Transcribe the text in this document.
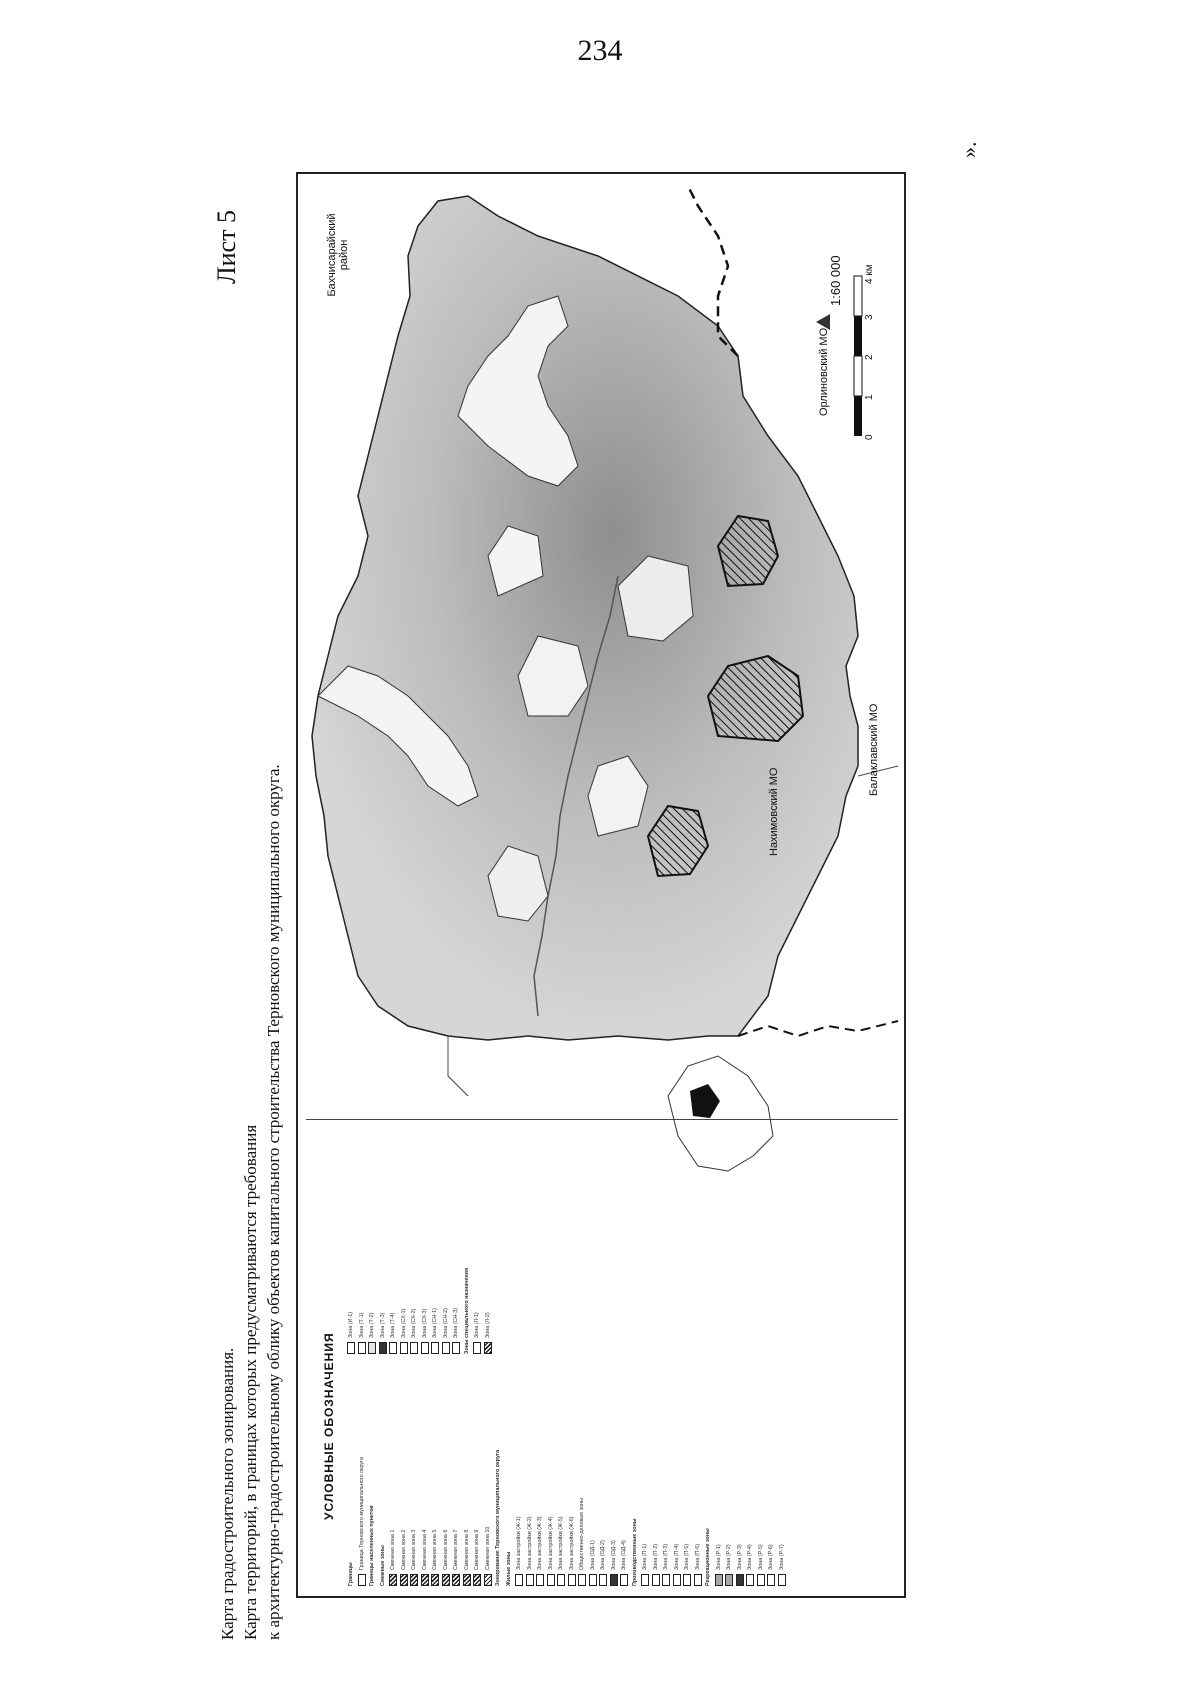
234
Лист 5
Карта градостроительного зонирования. Карта территорий, в границах которых предусматриваются требования к архитектурно-градостроительному облику объектов капитального строительства Терновского муниципального округа.
».
УСЛОВНЫЕ ОБОЗНАЧЕНИЯ
Границы
Граница Терновского муниципального округа Границы населенных пунктов Смежные зоны Смежная зона 1 Смежная зона 2 Смежная зона 3 Смежная зона 4 Смежная зона 5 Смежная зона 6 Смежная зона 7 Смежная зона 8 Смежная зона 9 Смежная зона 10 Зонирование Терновского муниципального округа Жилые зоны Зона застройки (Ж-1) Зона застройки (Ж-2) Зона застройки (Ж-3) Зона застройки (Ж-4) Зона застройки (Ж-5) Зона застройки (Ж-6) Общественно-деловые зоны Зона (ОД-1) Зона (ОД-2) Зона (ОД-3) Зона (ОД-4) Производственные зоны Зона (П-1) Зона (П-2) Зона (П-3) Зона (П-4) Зона (П-5) Зона (П-6) Рекреационные зоны Зона (Р-1) Зона (Р-2) Зона (Р-3) Зона (Р-4) Зона (Р-5) Зона (Р-6) Зона (Р-7)
Зона (И-1) Зона (Т-1) Зона (Т-2) Зона (Т-3) Зона (Т-4) Зона (СХ-1) Зона (СХ-2) Зона (СХ-3) Зона (СН-1) Зона (СН-2) Зона (СН-3) Зоны специального назначения Зона (Л-1) Зона (Л-2)
Бахчисарайский район
Орлиновский МО
Нахимовский МО
Балаклавский МО
0
1
2
3
4 км
1:60 000
